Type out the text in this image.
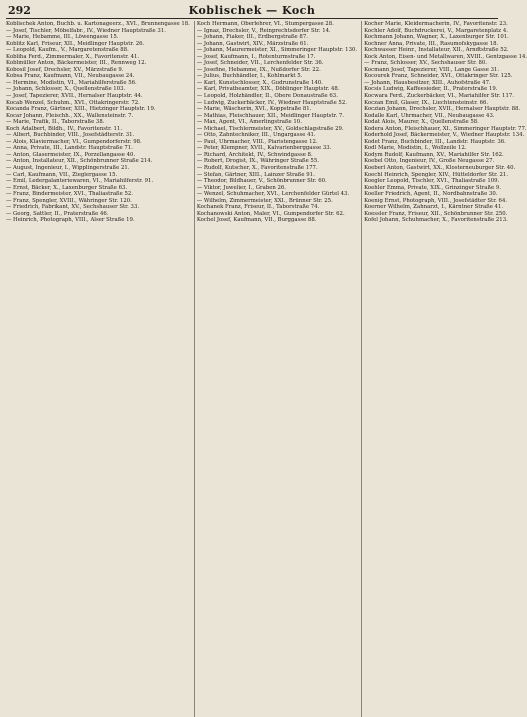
292	Koblischek — Koch
Koblischek Anton, Buchb. u. Kartonageerz., XVI., Brunnengasse 18.
— Josef, Tischler, Möbelfabr., IV., Wiedner Hauptstraße 31.
— Marie, Hebamme, III., Löwengasse 15.
Koblitz Karl, Friseur, XII., Meidlinger Hauptstr. 26.
— Leopold, Kaufm., V., Margaretenstraße 88.
Kobliha Ferd., Zimmermaler, X., Favoritenstr. 41.
Koblmüller Anton, Bäckermeister, III., Rennweg 12.
Kobosil Josef, Drechsler, XV., Märzstraße 9.
Kobsa Franz, Kaufmann, VII., Neubaugasse 24.
— Hermine, Modistin, VI., Mariahilferstraße 56.
— Johann, Schlosser, X., Quellenstraße 103.
— Josef, Tapezierer, XVII., Hernalser Hauptstr. 44.
Kocab Wenzel, Schuhm., XVI., Ottakringerstr. 72.
Kocanda Franz, Gärtner, XIII., Hietzinger Hauptstr. 19.
Kocar Johann, Fleischh., XX., Wallensteinstr. 7.
— Marie, Trafik, II., Taborstraße 38.
Koch Adalbert, Bildh., IV., Favoritenstr. 11.
— Albert, Buchbinder, VIII., Josefstädterstr. 31.
— Alois, Klaviermacher, VI., Gumpendorferstr. 98.
— Anna, Private, III., Landstr. Hauptstraße 71.
— Anton, Glasermeister, IX., Porzellangasse 40.
— Anton, Installateur, XII., Schönbrunner Straße 214.
— August, Ingenieur, I., Wipplingerstraße 21.
— Carl, Kaufmann, VII., Zieglergasse 15.
— Emil, Ledergalanteriewaren, VI., Mariahilferstr. 91.
— Ernst, Bäcker, X., Laxenburger Straße 63.
— Franz, Bindermeister, XVI., Thaliastraße 52.
— Franz, Spengler, XVIII., Währinger Str. 120.
— Friedrich, Fabrikant, XV., Sechshauser Str. 33.
— Georg, Sattler, II., Praterstraße 46.
— Heinrich, Photograph, VIII., Alser Straße 19.
Koch Hermann, Oberlehrer, VI., Stumpergasse 28.
— Ignaz, Drechsler, V., Reinprechtsdorfer Str. 14.
— Johann, Fiaker, III., Erdbergstraße 87.
— Johann, Gastwirt, XIV., Märzstraße 61.
— Johann, Maurermeister, XI., Simmeringer Hauptstr. 130.
— Josef, Kaufmann, I., Rotenturmstraße 17.
— Josef, Schneider, VII., Lerchenfelder Str. 36.
— Josefine, Hebamme, IX., Nußdorfer Str. 22.
— Julius, Buchhändler, I., Kohlmarkt 5.
— Karl, Kunstschlosser, X., Gudrunstraße 140.
— Karl, Privatbeamter, XIX., Döblinger Hauptstr. 48.
— Leopold, Holzhändler, II., Obere Donaustraße 63.
— Ludwig, Zuckerbäcker, IV., Wiedner Hauptstraße 52.
— Marie, Wäscherin, XVI., Koppstraße 81.
— Mathias, Fleischhauer, XII., Meidlinger Hauptstr. 7.
— Max, Agent, VI., Amerlingstraße 10.
— Michael, Tischlermeister, XV., Goldschlagstraße 29.
— Otto, Zahntechniker, III., Ungargasse 41.
— Paul, Uhrmacher, VIII., Piaristengasse 12.
— Peter, Klempner, XVII., Kalvarienberggasse 33.
— Richard, Architekt, IV., Schwindgasse 8.
— Robert, Drogist, IX., Währinger Straße 55.
— Rudolf, Kutscher, X., Favoritenstraße 177.
— Stefan, Gärtner, XIII., Lainzer Straße 91.
— Theodor, Bildhauer, V., Schönbrunner Str. 60.
— Viktor, Juwelier, I., Graben 26.
— Wenzel, Schuhmacher, XVI., Lerchenfelder Gürtel 43.
— Wilhelm, Zimmermeister, XXI., Brünner Str. 25.
Kochanek Franz, Friseur, II., Taborstraße 74.
Kochanowski Anton, Maler, VI., Gumpendorfer Str. 62.
Kochel Josef, Kaufmann, VII., Burggasse 88.
Kocher Marie, Kleidermacherin, IV., Favoritenstr. 23.
Kochler Adolf, Buchdruckerei, V., Margaretenplatz 4.
Kochmann Johann, Wagner, X., Laxenburger Str. 101.
Kochner Anna, Private, III., Rasumofskygasse 18.
Kochwasser Heinr., Installateur, XII., Arndtstraße 52.
Kock Anton, Eisen- und Metallwaren, XVIII., Gentzgasse 14.
— Franz, Schlosser, XV., Sechshauser Str. 80.
Kocmann Josef, Tapezierer, VIII., Lange Gasse 31.
Kocourek Franz, Schneider, XVI., Ottakringer Str. 125.
— Johann, Hausbesitzer, XIII., Auhofstraße 47.
Kocsis Ludwig, Kaffeesieder, II., Praterstraße 19.
Kocwara Ferd., Zuckerbäcker, VI., Mariahilfer Str. 117.
Koczan Emil, Glaser, IX., Liechtensteinstr. 66.
Koczian Johann, Drechsler, XVII., Hernalser Hauptstr. 88.
Kodalle Karl, Uhrmacher, VII., Neubaugasse 43.
Kodat Alois, Maurer, X., Quellenstraße 58.
Kodera Anton, Fleischhauer, XI., Simmeringer Hauptstr. 77.
Koderhold Josef, Bäckermeister, V., Wiedner Hauptstr. 134.
Kodet Franz, Buchbinder, III., Landstr. Hauptstr. 36.
Kodl Marie, Modistin, I., Wollzeile 12.
Kodym Rudolf, Kaufmann, XV., Mariahilfer Str. 162.
Koebel Otto, Ingenieur, IV., Große Neugasse 27.
Koeberl Anton, Gastwirt, XX., Klosterneuburger Str. 40.
Koechl Heinrich, Spengler, XIV., Hütteldorfer Str. 21.
Koegler Leopold, Tischler, XVI., Thaliastraße 109.
Koehler Emma, Private, XIX., Grinzinger Straße 9.
Koeller Friedrich, Agent, II., Nordbahnstraße 30.
Koenig Ernst, Photograph, VIII., Josefstädter Str. 64.
Koerner Wilhelm, Zahnarzt, I., Kärntner Straße 41.
Koessler Franz, Friseur, XII., Schönbrunner Str. 250.
Kofel Johann, Schuhmacher, X., Favoritenstraße 213.
